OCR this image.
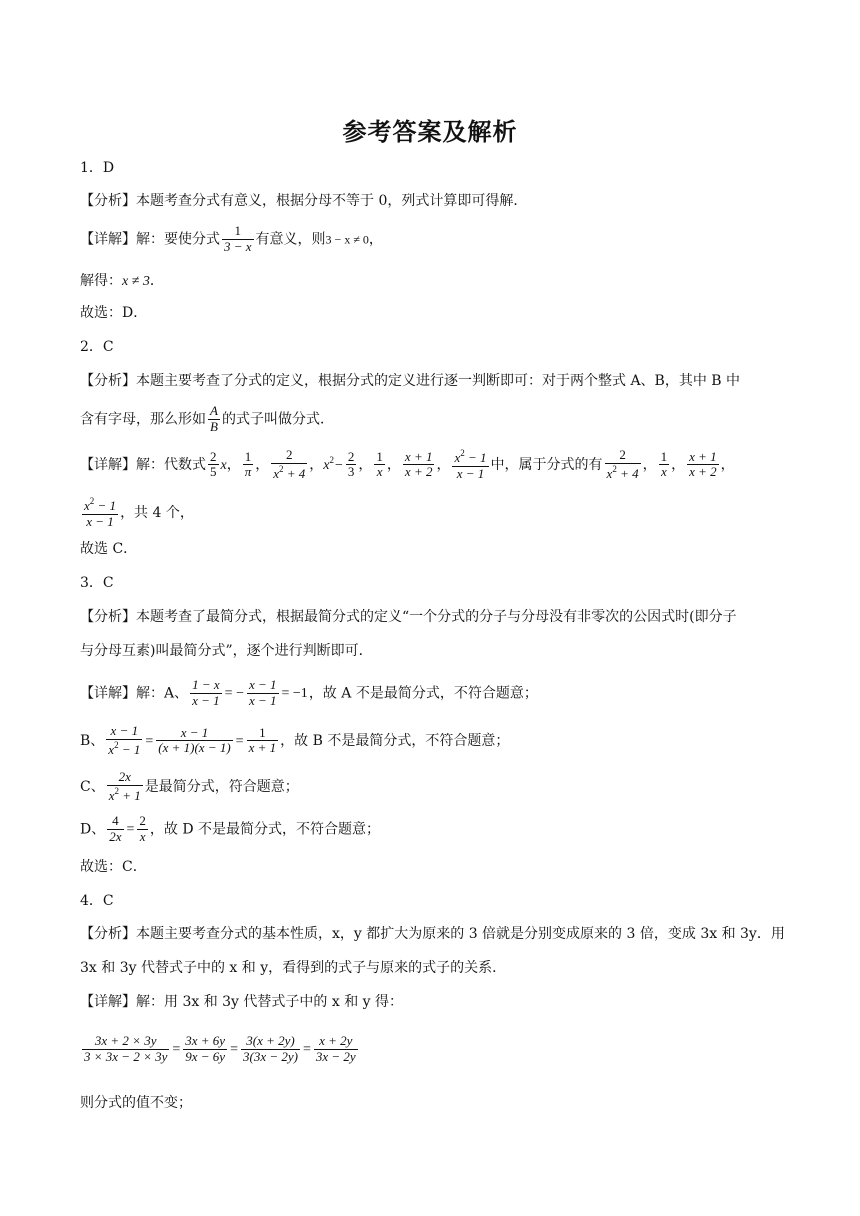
参考答案及解析
1．D
【分析】本题考查分式有意义，根据分母不等于 0，列式计算即可得解．
【详解】解：要使分式 $\frac{1}{3 - x}$ 有意义，则3 − x ≠ 0，
解得：x ≠ 3．
故选：D．
2．C
【分析】本题主要考查了分式的定义，根据分式的定义进行逐一判断即可：对于两个整式 A、B，其中 B 中
含有字母，那么形如 $\frac{A}{B}$ 的式子叫做分式．
【详解】解：代数式 $\frac{2}{5}$ x， $\frac{1}{\pi}$ ， $\frac{2}{x^2 + 4}$ ，$x^2- \frac{2}{3}$ ， $\frac{1}{x}$ ， $\frac{x + 1}{x + 2}$ ， $\frac{x^2 - 1}{x - 1}$ 中，属于分式的有 $\frac{2}{x^2 + 4}$ ， $\frac{1}{x}$ ， $\frac{x + 1}{x + 2}$ ，
$\frac{x^2 - 1}{x - 1}$ ，共 4 个，
故选 C．
3．C
【分析】本题考查了最简分式，根据最简分式的定义“一个分式的分子与分母没有非零次的公因式时(即分子
与分母互素)叫最简分式”，逐个进行判断即可．
【详解】解：A、 $\frac{1 - x}{x - 1}$ = − $\frac{x - 1}{x - 1} = -1$，故 A 不是最简分式，不符合题意；
B、 $\frac{x - 1}{x^2 - 1} = \frac{x - 1}{(x + 1)(x - 1)} = \frac{1}{x + 1}$ ，故 B 不是最简分式，不符合题意；
C、 $\frac{2x}{x^2 + 1}$ 是最简分式，符合题意；
D、 $\frac{4}{2x} = \frac{2}{x}$ ，故 D 不是最简分式，不符合题意；
故选：C．
4．C
【分析】本题主要考查分式的基本性质，x，y 都扩大为原来的 3 倍就是分别变成原来的 3 倍，变成 3x 和 3y．用
3x 和 3y 代替式子中的 x 和 y，看得到的式子与原来的式子的关系．
【详解】解：用 3x 和 3y 代替式子中的 x 和 y 得：
$\frac{3x + 2 \times 3y}{3 \times 3x - 2 \times 3y} = \frac{3x + 6y}{9x - 6y} = \frac{3(x + 2y)}{3(3x - 2y)} = \frac{x + 2y}{3x - 2y}$
则分式的值不变；
